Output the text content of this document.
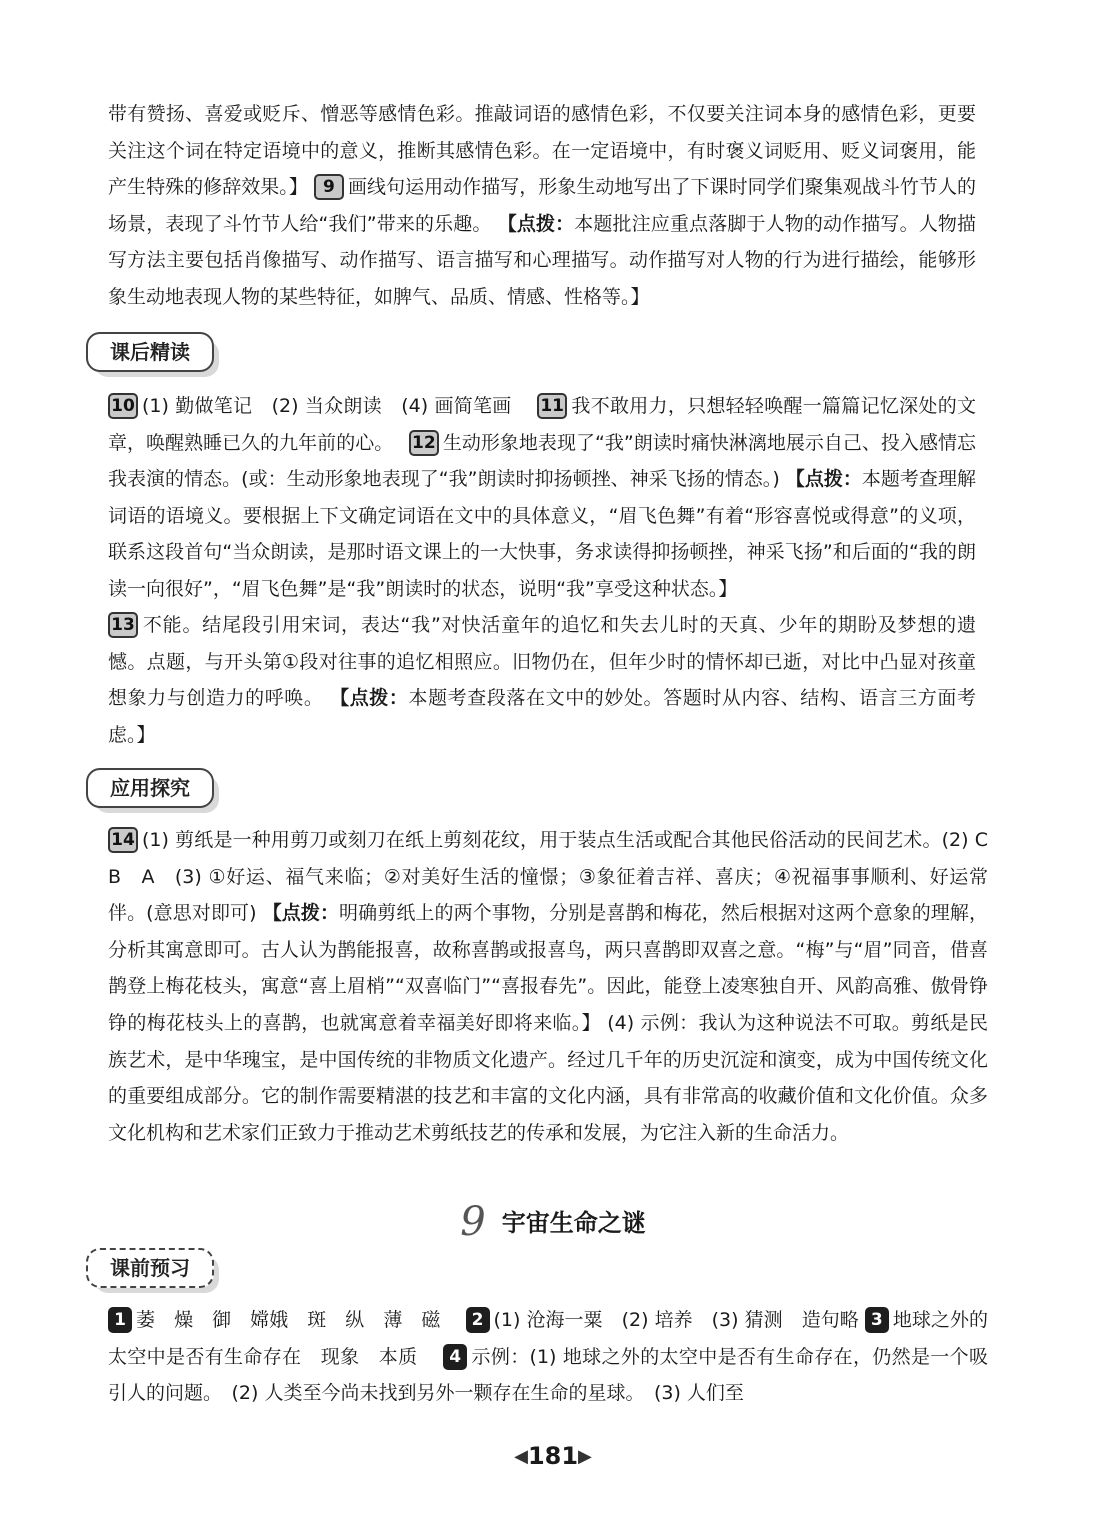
带有赞扬、喜爱或贬斥、憎恶等感情色彩。推敲词语的感情色彩，不仅要关注词本身的感情色彩，更要关注这个词在特定语境中的意义，推断其感情色彩。在一定语境中，有时褒义词贬用、贬义词褒用，能产生特殊的修辞效果。】 9 画线句运用动作描写，形象生动地写出了下课时同学们聚集观战斗竹节人的场景，表现了斗竹节人给“我们”带来的乐趣。 【点拨：本题批注应重点落脚于人物的动作描写。人物描写方法主要包括肖像描写、动作描写、语言描写和心理描写。动作描写对人物的行为进行描绘，能够形象生动地表现人物的某些特征，如脾气、品质、情感、性格等。】

课后精读

10 (1) 勤做笔记　(2) 当众朗读　(4) 画简笔画　 11 我不敢用力，只想轻轻唤醒一篇篇记忆深处的文章，唤醒熟睡已久的九年前的心。　 12 生动形象地表现了“我”朗读时痛快淋漓地展示自己、投入感情忘我表演的情态。(或：生动形象地表现了“我”朗读时抑扬顿挫、神采飞扬的情态。) 【点拨：本题考查理解词语的语境义。要根据上下文确定词语在文中的具体意义，“眉飞色舞”有着“形容喜悦或得意”的义项，联系这段首句“当众朗读，是那时语文课上的一大快事，务求读得抑扬顿挫，神采飞扬”和后面的“我的朗读一向很好”，“眉飞色舞”是“我”朗读时的状态，说明“我”享受这种状态。】

13 不能。结尾段引用宋词，表达“我”对快活童年的追忆和失去儿时的天真、少年的期盼及梦想的遗憾。点题，与开头第①段对往事的追忆相照应。旧物仍在，但年少时的情怀却已逝，对比中凸显对孩童想象力与创造力的呼唤。 【点拨：本题考查段落在文中的妙处。答题时从内容、结构、语言三方面考虑。】

应用探究

14 (1) 剪纸是一种用剪刀或刻刀在纸上剪刻花纹，用于装点生活或配合其他民俗活动的民间艺术。(2) C　B　A　(3) ①好运、福气来临；②对美好生活的憧憬；③象征着吉祥、喜庆；④祝福事事顺利、好运常伴。(意思对即可) 【点拨：明确剪纸上的两个事物，分别是喜鹊和梅花，然后根据对这两个意象的理解，分析其寓意即可。古人认为鹊能报喜，故称喜鹊或报喜鸟，两只喜鹊即双喜之意。“梅”与“眉”同音，借喜鹊登上梅花枝头，寓意“喜上眉梢”“双喜临门”“喜报春先”。因此，能登上凌寒独自开、风韵高雅、傲骨铮铮的梅花枝头上的喜鹊，也就寓意着幸福美好即将来临。】 (4) 示例：我认为这种说法不可取。剪纸是民族艺术，是中华瑰宝，是中国传统的非物质文化遗产。经过几千年的历史沉淀和演变，成为中国传统文化的重要组成部分。它的制作需要精湛的技艺和丰富的文化内涵，具有非常高的收藏价值和文化价值。众多文化机构和艺术家们正致力于推动艺术剪纸技艺的传承和发展，为它注入新的生命活力。

9 宇宙生命之谜
课前预习

1 萎　燥　御　嫦娥　斑　纵　薄　磁　 2 (1) 沧海一粟　(2) 培养　(3) 猜测　造句略 3 地球之外的太空中是否有生命存在　现象　本质　 4 示例：(1) 地球之外的太空中是否有生命存在，仍然是一个吸引人的问题。　(2) 人类至今尚未找到另外一颗存在生命的星球。　(3) 人们至

◀181▶
